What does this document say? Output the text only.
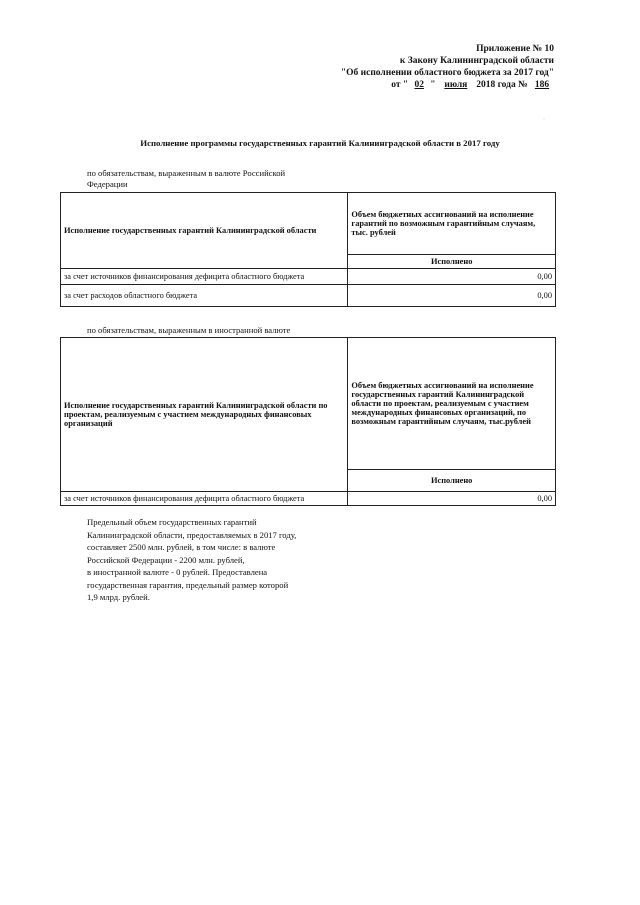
Приложение № 10
к Закону Калининградской области
"Об исполнении областного бюджета за 2017 год"
от " 02 " июля 2018 года № 186
·
Исполнение программы государственных гарантий Калининградской области в 2017 году
по обязательствам, выраженным в валюте Российской
Федерации
Исполнение государственных гарантий Калининградской области	Объем бюджетных ассигнований на исполнение гарантий по возможным гарантийным случаям, тыс. рублей
	Исполнено
за счет источников финансирования дефицита областного бюджета	0,00
за счет расходов областного бюджета	0,00
по обязательствам, выраженным в иностранной валюте
Исполнение государственных гарантий Калининградской области по проектам, реализуемым с участием международных финансовых организаций	Объем бюджетных ассигнований на исполнение государственных гарантий Калининградской области по проектам, реализуемым с участием международных финансовых организаций, по возможным гарантийным случаям, тыс.рублей
	Исполнено
за счет источников финансирования дефицита областного бюджета	0,00
Предельный объем государственных гарантий
Калининградской области, предоставляемых в 2017 году,
составляет 2500 млн. рублей, в том числе: в валюте
Российской Федерации - 2200 млн. рублей,
в иностранной валюте - 0 рублей. Предоставлена
государственная гарантия, предельный размер которой
1,9 млрд. рублей.
